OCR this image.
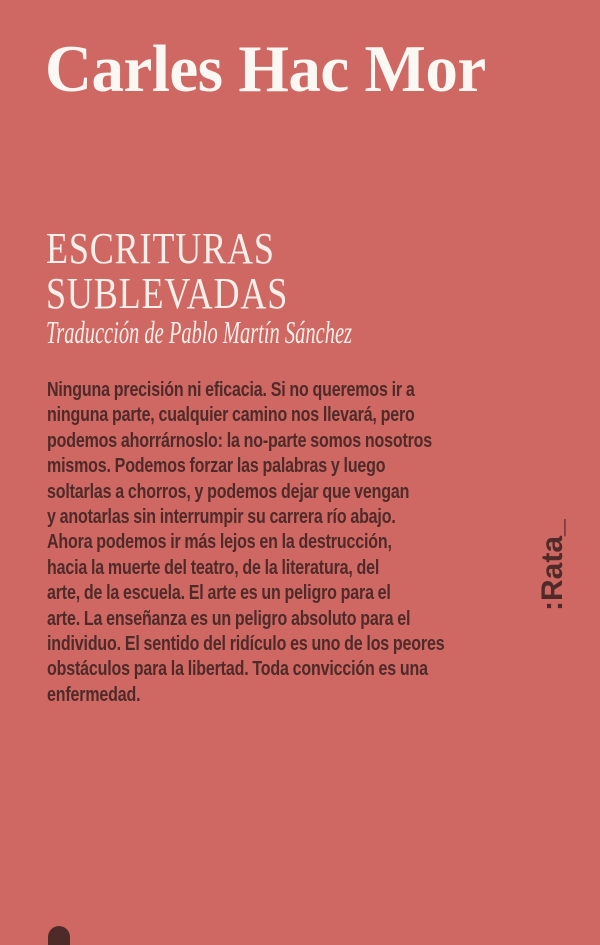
Carles Hac Mor
ESCRITURAS
SUBLEVADAS
Traducción de Pablo Martín Sánchez
Ninguna precisión ni eficacia. Si no queremos ir a
ninguna parte, cualquier camino nos llevará, pero
podemos ahorrárnoslo: la no-parte somos nosotros
mismos. Podemos forzar las palabras y luego
soltarlas a chorros, y podemos dejar que vengan
y anotarlas sin interrumpir su carrera río abajo.
Ahora podemos ir más lejos en la destrucción,
hacia la muerte del teatro, de la literatura, del
arte, de la escuela. El arte es un peligro para el
arte. La enseñanza es un peligro absoluto para el
individuo. El sentido del ridículo es uno de los peores
obstáculos para la libertad. Toda convicción es una
enfermedad.
:Rata_
